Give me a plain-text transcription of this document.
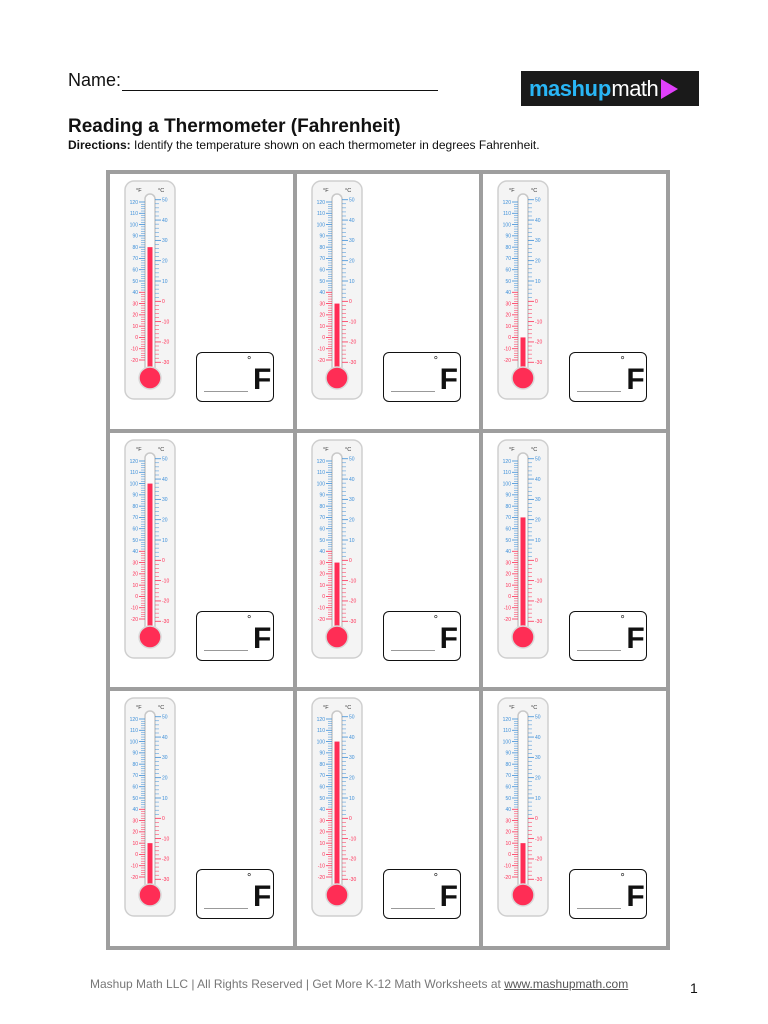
Name:	mash up math
Reading a Thermometer (Fahrenheit)
Directions: Identify the temperature shown on each thermometer in degrees Fahrenheit.
°F	°C
120
110
100
90
80
70
60
50
40
30
20
10
0
-10
-20
50
40
30
20
10
0
-10
-20
-30	°
F
°F	°C
120
110
100
90
80
70
60
50
40
30
20
10
0
-10
-20
50
40
30
20
10
0
-10
-20
-30	°
F
°F	°C
120
110
100
90
80
70
60
50
40
30
20
10
0
-10
-20
50
40
30
20
10
0
-10
-20
-30	°
F
°F	°C
120
110
100
90
80
70
60
50
40
30
20
10
0
-10
-20
50
40
30
20
10
0
-10
-20
-30	°
F
°F	°C
120
110
100
90
80
70
60
50
40
30
20
10
0
-10
-20
50
40
30
20
10
0
-10
-20
-30	°
F
°F	°C
120
110
100
90
80
70
60
50
40
30
20
10
0
-10
-20
50
40
30
20
10
0
-10
-20
-30	°
F
°F	°C
120
110
100
90
80
70
60
50
40
30
20
10
0
-10
-20
50
40
30
20
10
0
-10
-20
-30	°
F
°F	°C
120
110
100
90
80
70
60
50
40
30
20
10
0
-10
-20
50
40
30
20
10
0
-10
-20
-30	°
F
°F	°C
120
110
100
90
80
70
60
50
40
30
20
10
0
-10
-20
50
40
30
20
10
0
-10
-20
-30	°
F
Mashup Math LLC | All Rights Reserved | Get More K-12 Math Worksheets at www.mashupmath.com	1
